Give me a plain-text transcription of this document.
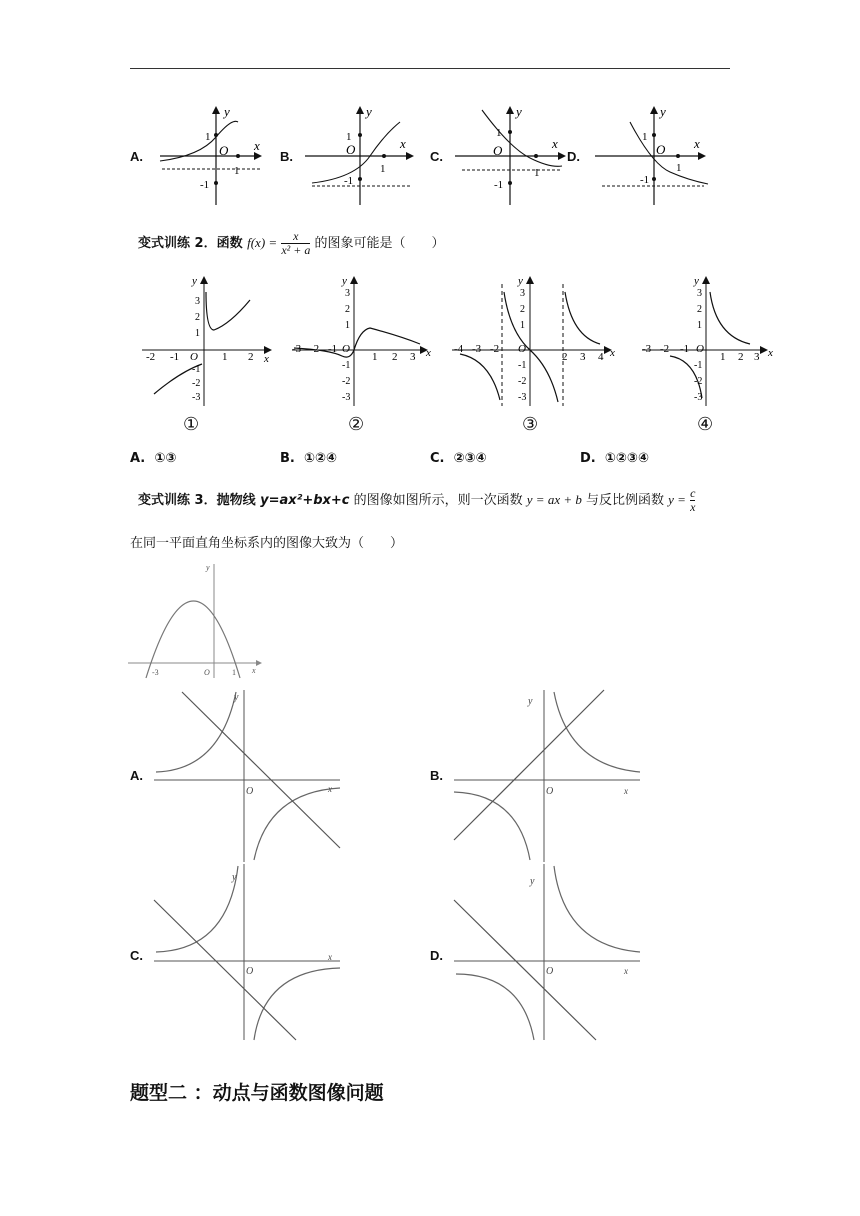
A.	B.	C.	D.
y
x
O
1
1
-1
y
x
O
1
1
-1
y
x
O
1
1
-1
y
x
O
1
1
-1
变式训练 2．函数 $f(x) = \frac{x}{\text{x² + a}}$ 的图象可能是（　　）
y
-2 -1 O 1 2 x
3
2
1
-1
-2
-3
y
-3 -2 -1 O
1 2 3 x
3
2
1
-1
-2
-3
y
-4 -3 -2 O
2 3 4 x
3
2
1
-1
-2
-3
y
-3 -2 -1 O
1 2 3 x
3
2
1
-1
-2
-3
①	②	③	④
A. ①③	B. ①②④	C. ②③④	D. ①②③④
变式训练 3．抛物线 y=ax²+bx+c 的图像如图所示，则一次函数 y = ax + b 与反比例函数 $y = \frac{c}{x}$
在同一平面直角坐标系内的图像大致为（　　）
y
-3	O	1 x
A.	B.
C.	D.
y
O	x
y
O	x
y
O
x
y
O	x
题型二 ：动点与函数图像问题
